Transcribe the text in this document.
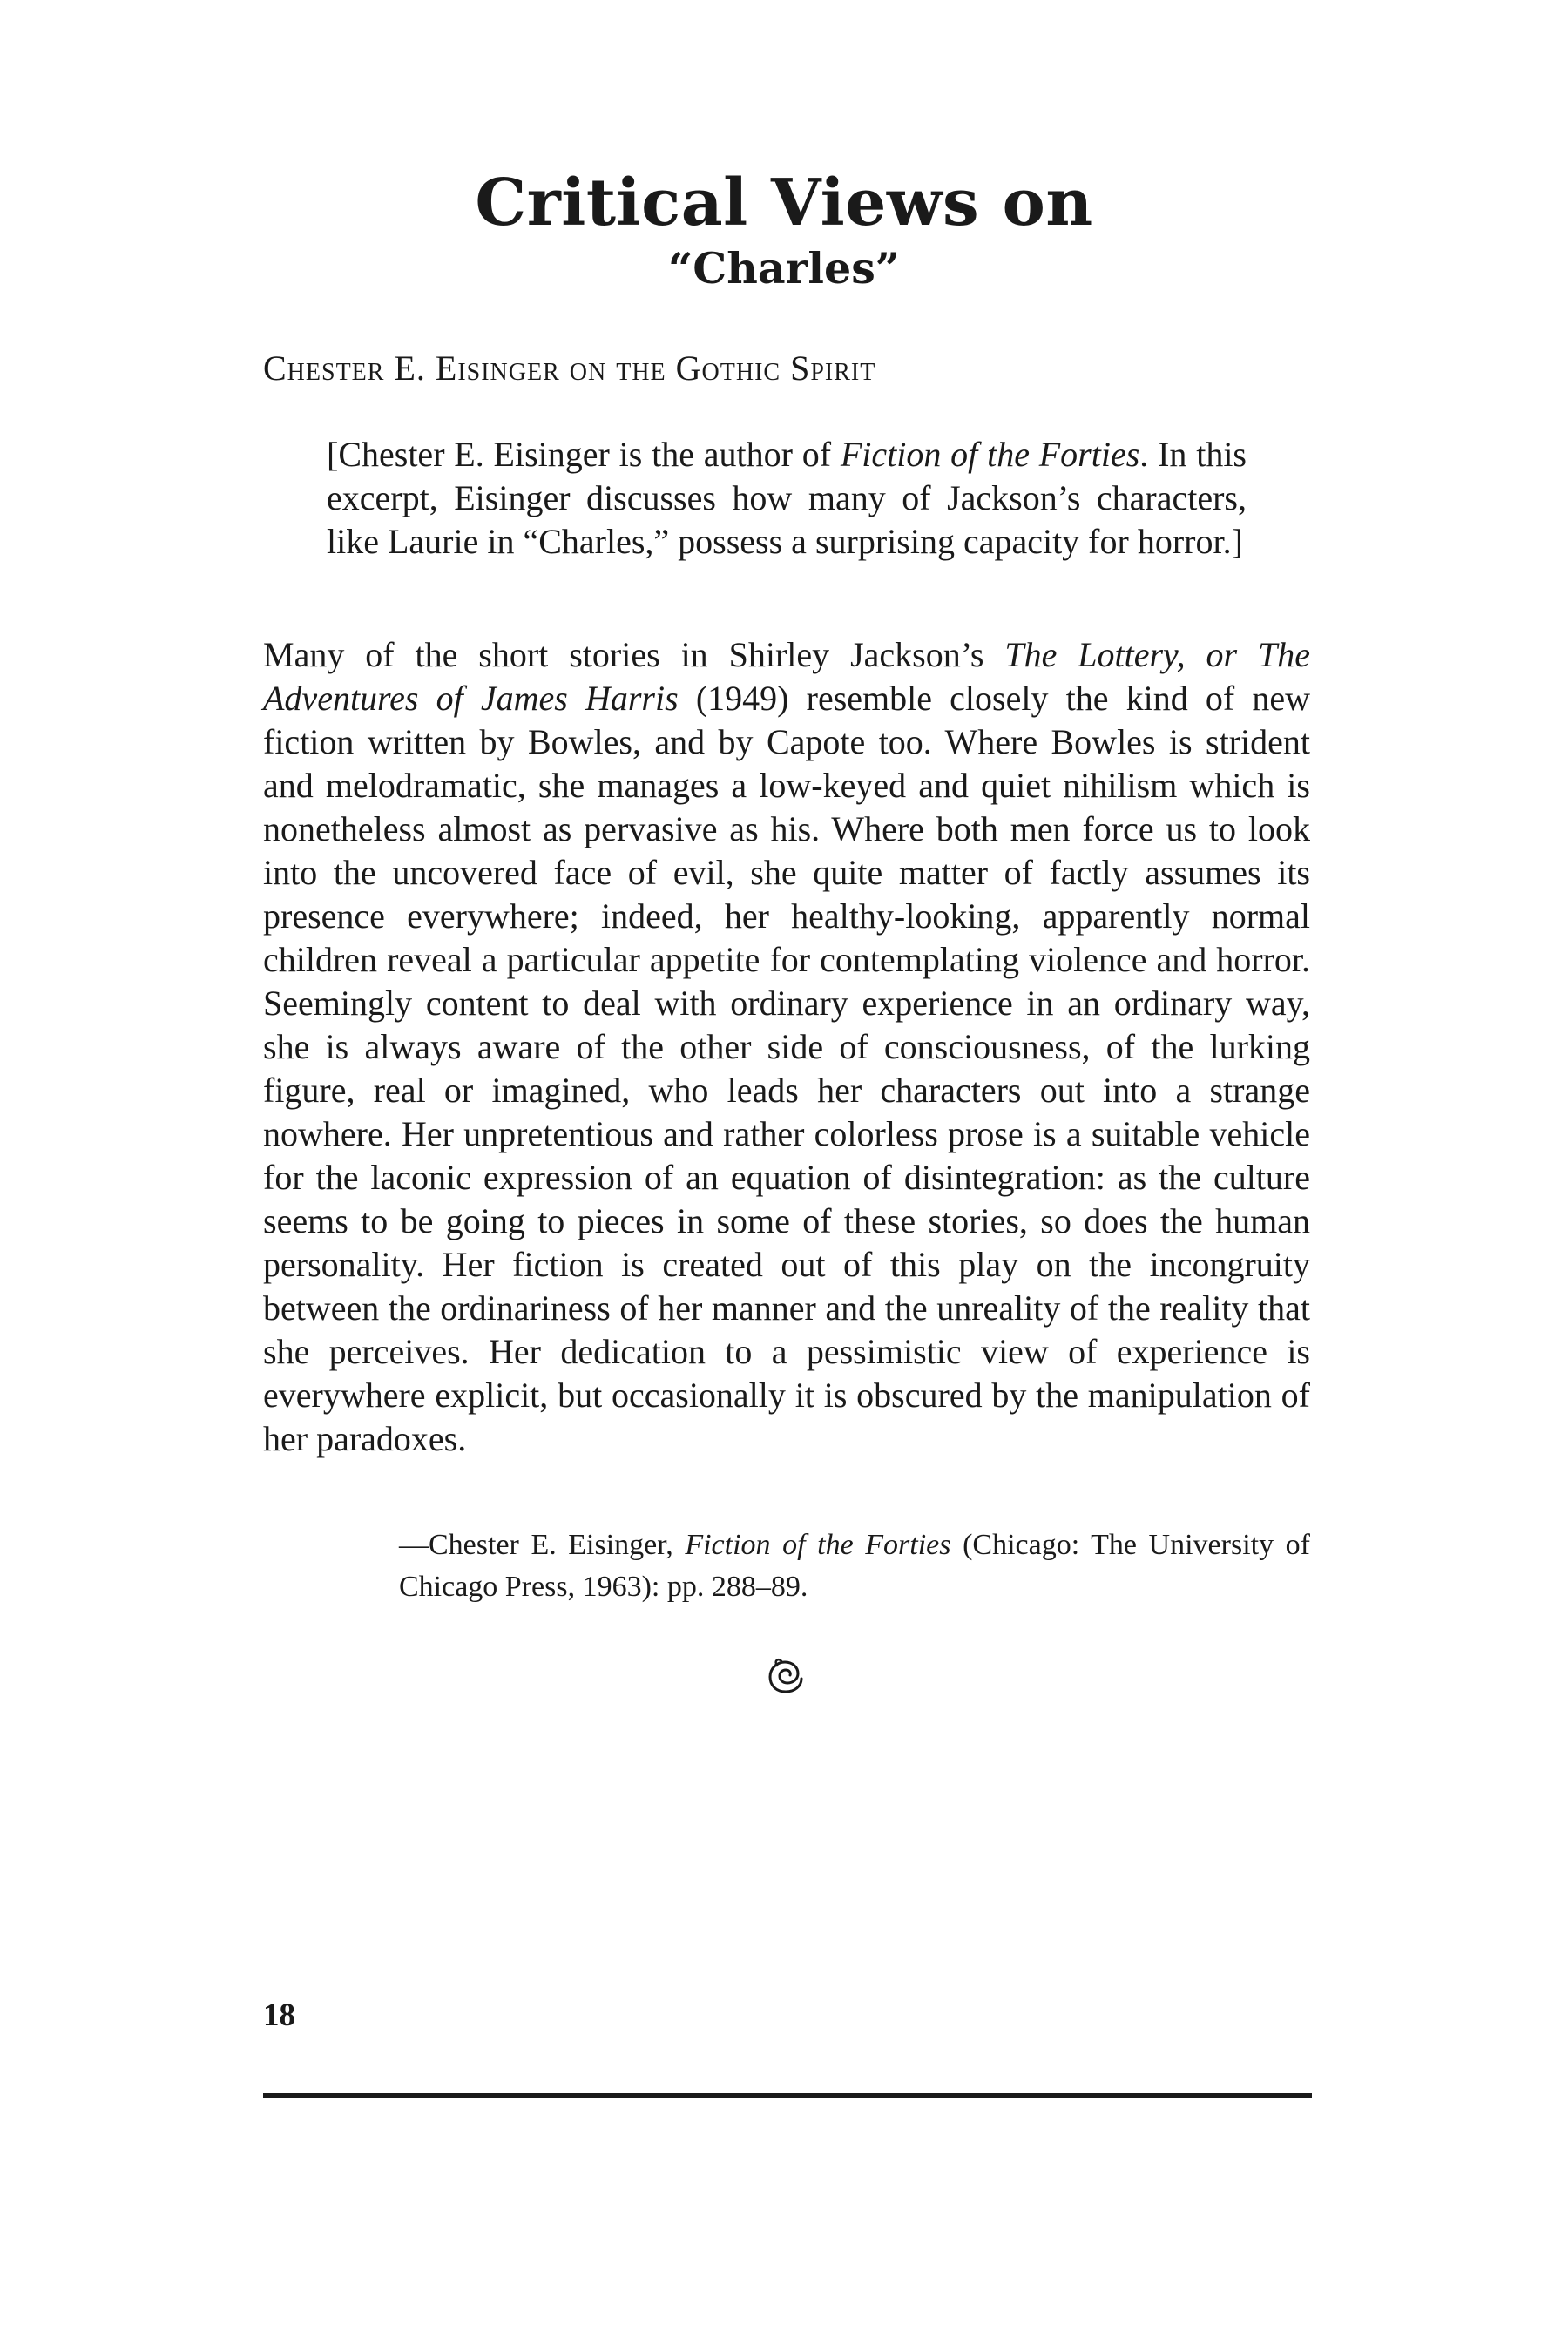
Critical Views on
“Charles”
Chester E. Eisinger on the Gothic Spirit

[Chester E. Eisinger is the author of Fiction of the Forties. In this excerpt, Eisinger discusses how many of Jackson’s characters, like Laurie in “Charles,” possess a surprising capacity for horror.]

Many of the short stories in Shirley Jackson’s The Lottery, or The Adventures of James Harris (1949) resemble closely the kind of new fiction written by Bowles, and by Capote too. Where Bowles is strident and melodramatic, she manages a low-keyed and quiet nihilism which is nonetheless almost as pervasive as his. Where both men force us to look into the uncovered face of evil, she quite matter of factly assumes its presence everywhere; indeed, her healthy-looking, apparently normal children reveal a particular appetite for contemplating violence and horror. Seemingly content to deal with ordinary experience in an ordinary way, she is always aware of the other side of consciousness, of the lurking figure, real or imagined, who leads her characters out into a strange nowhere. Her unpretentious and rather colorless prose is a suitable vehicle for the laconic expression of an equation of disintegration: as the culture seems to be going to pieces in some of these stories, so does the human personality. Her fiction is created out of this play on the incongruity between the ordinariness of her manner and the unreality of the reality that she perceives. Her dedication to a pessimistic view of experience is everywhere explicit, but occasionally it is obscured by the manipulation of her paradoxes.

—Chester E. Eisinger, Fiction of the Forties (Chicago: The University of Chicago Press, 1963): pp. 288–89.

18
